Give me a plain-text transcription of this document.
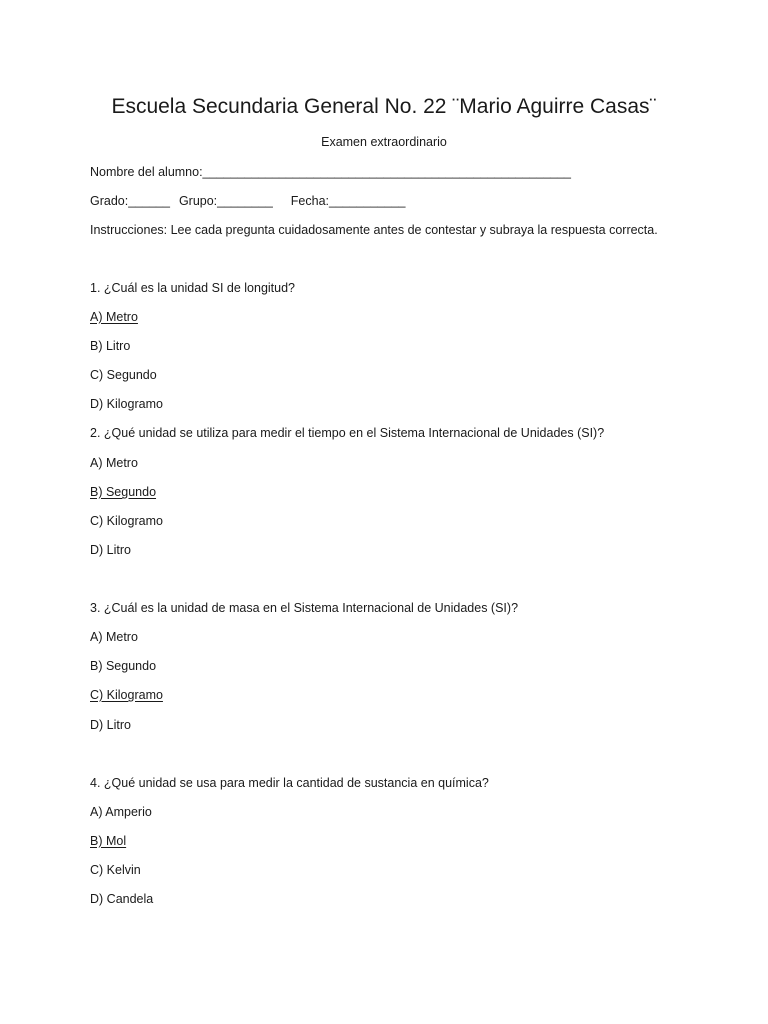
Escuela Secundaria General No. 22 ¨Mario Aguirre Casas¨
Examen extraordinario
Nombre del alumno:_____________________________________________________
Grado:______ Grupo:________ Fecha:___________
Instrucciones: Lee cada pregunta cuidadosamente antes de contestar y subraya la respuesta correcta.
1. ¿Cuál es la unidad SI de longitud?
A) Metro
B) Litro
C) Segundo
D) Kilogramo
2. ¿Qué unidad se utiliza para medir el tiempo en el Sistema Internacional de Unidades (SI)?
A) Metro
B) Segundo
C) Kilogramo
D) Litro
3. ¿Cuál es la unidad de masa en el Sistema Internacional de Unidades (SI)?
A) Metro
B) Segundo
C) Kilogramo
D) Litro
4. ¿Qué unidad se usa para medir la cantidad de sustancia en química?
A) Amperio
B) Mol
C) Kelvin
D) Candela
